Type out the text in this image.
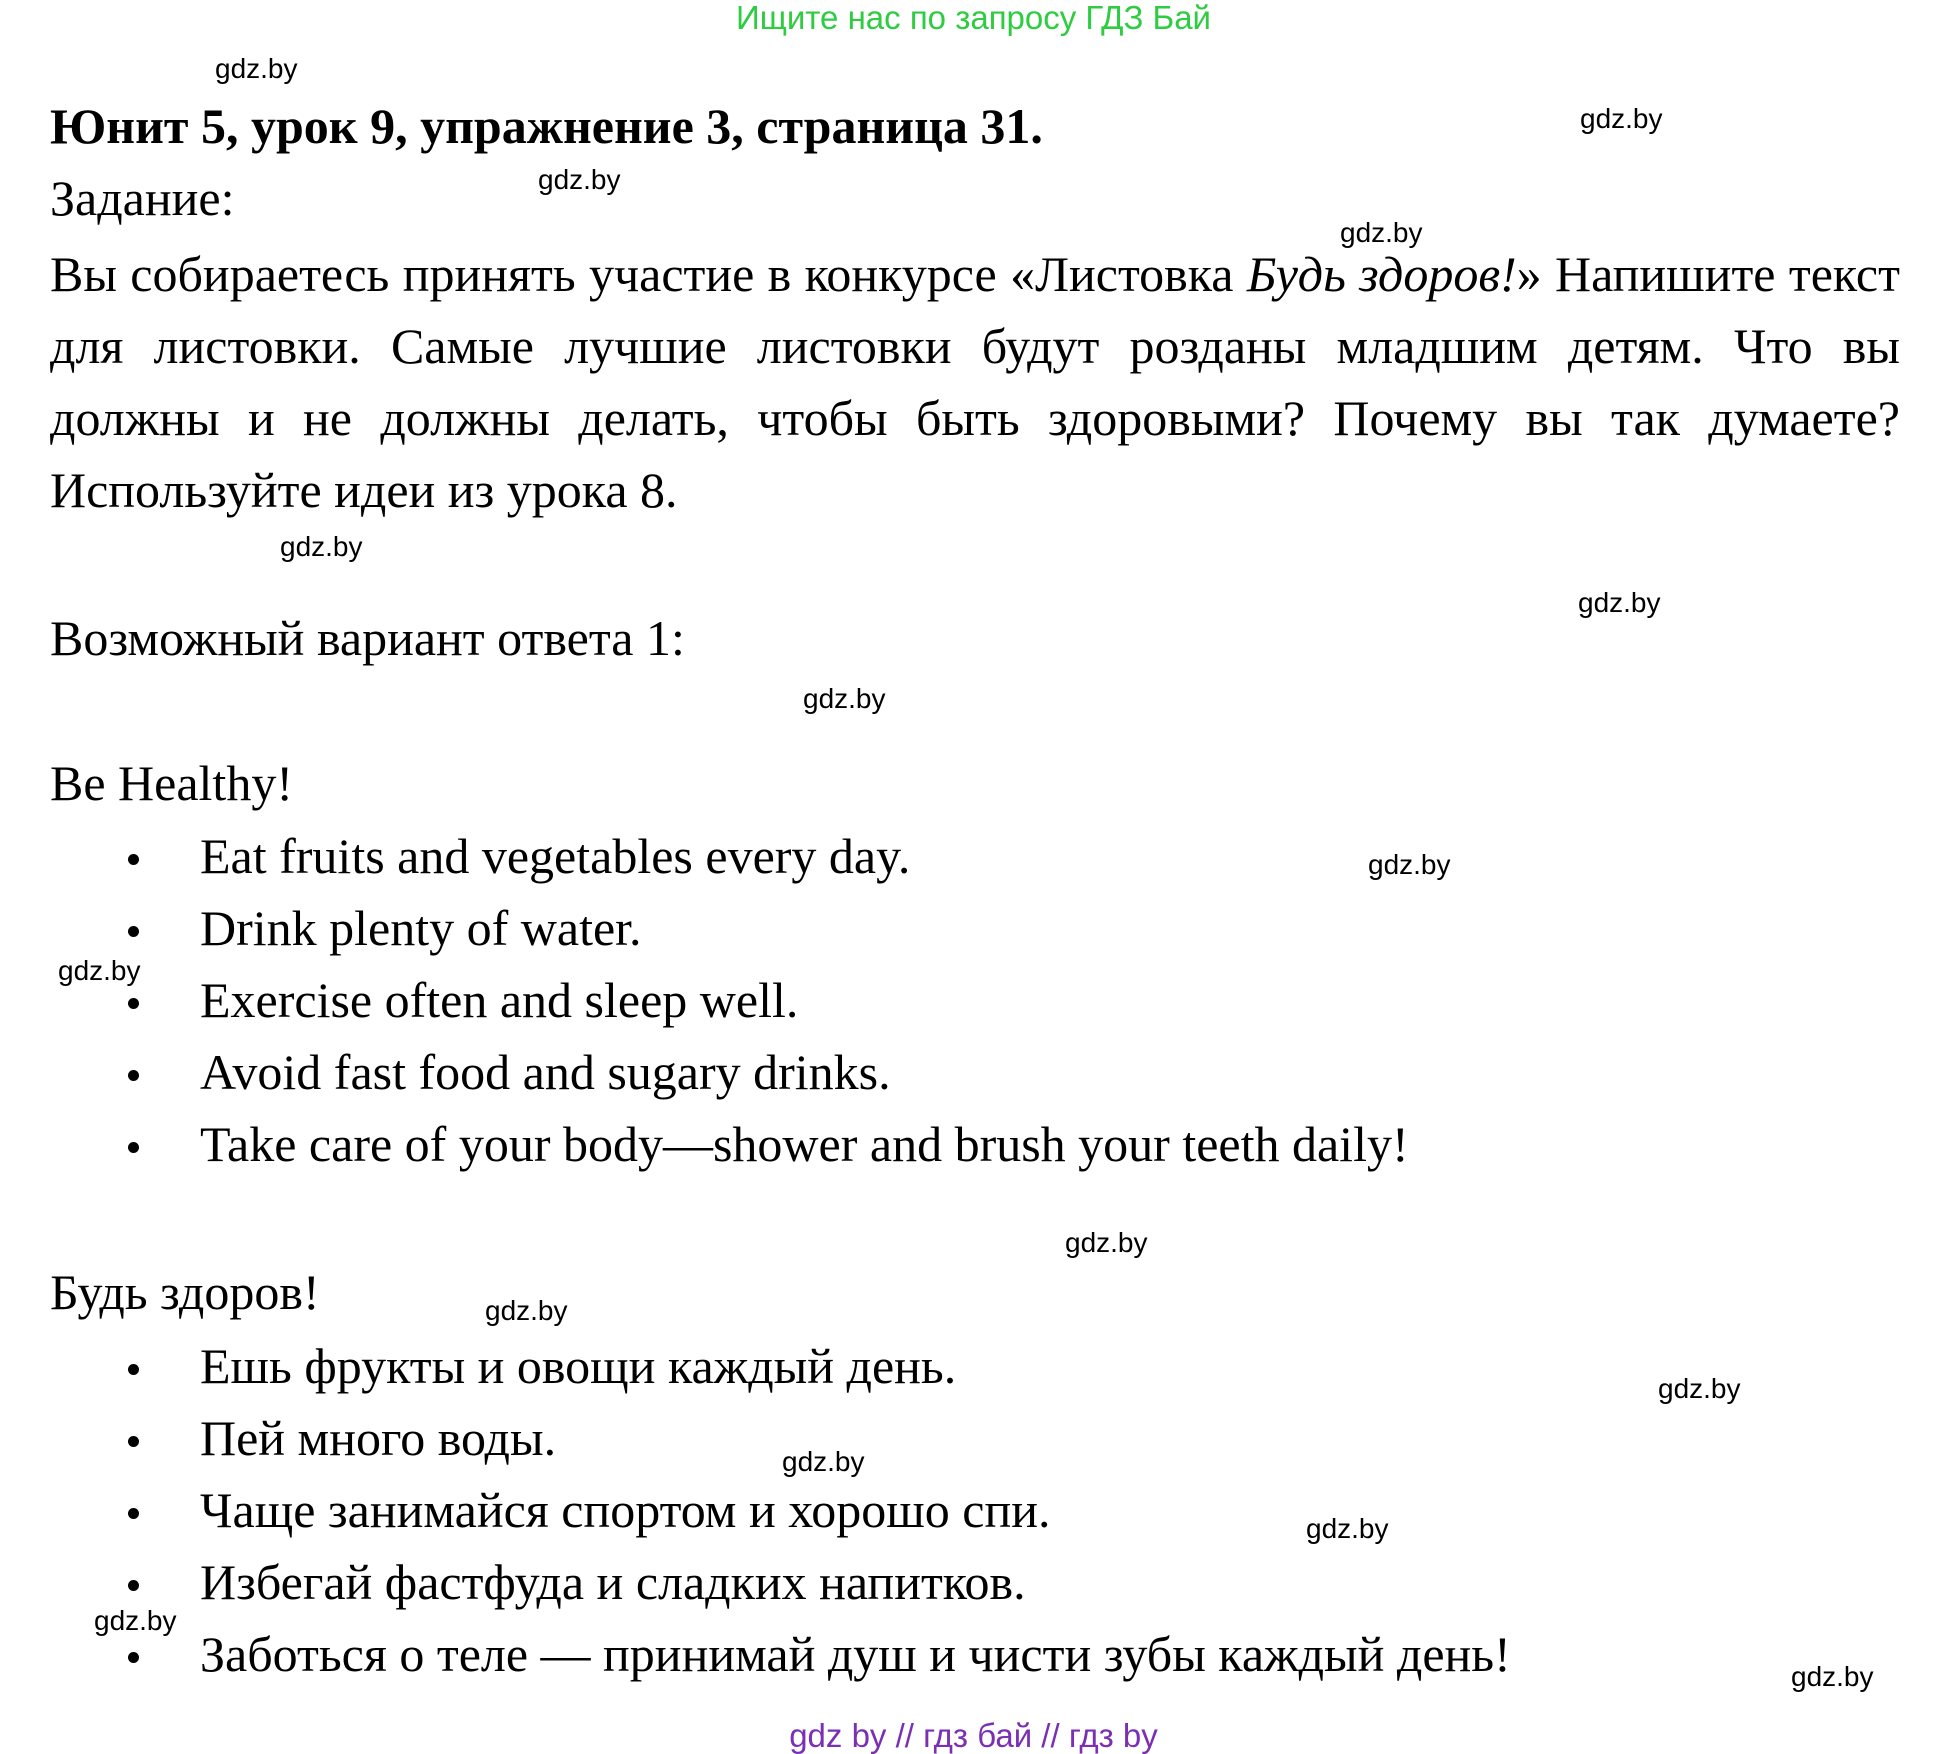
Ищите нас по запросу ГДЗ Бай
Юнит 5, урок 9, упражнение 3, страница 31.
Задание:

Вы собираетесь принять участие в конкурсе «Листовка Будь здоров!» Напишите текст для листовки. Самые лучшие листовки будут розданы младшим детям. Что вы должны и не должны делать, чтобы быть здоровыми? Почему вы так думаете? Используйте идеи из урока 8.

Возможный вариант ответа 1:
Be Healthy!
Eat fruits and vegetables every day.
Drink plenty of water.
Exercise often and sleep well.
Avoid fast food and sugary drinks.
Take care of your body—shower and brush your teeth daily!
Будь здоров!
Ешь фрукты и овощи каждый день.
Пей много воды.
Чаще занимайся спортом и хорошо спи.
Избегай фастфуда и сладких напитков.
Заботься о теле — принимай душ и чисти зубы каждый день!
gdz.by
gdz.by
gdz.by
gdz.by
gdz.by
gdz.by
gdz.by
gdz.by
gdz.by
gdz.by
gdz.by
gdz.by
gdz.by
gdz.by
gdz.by
gdz.by
gdz by // гдз бай // гдз by
